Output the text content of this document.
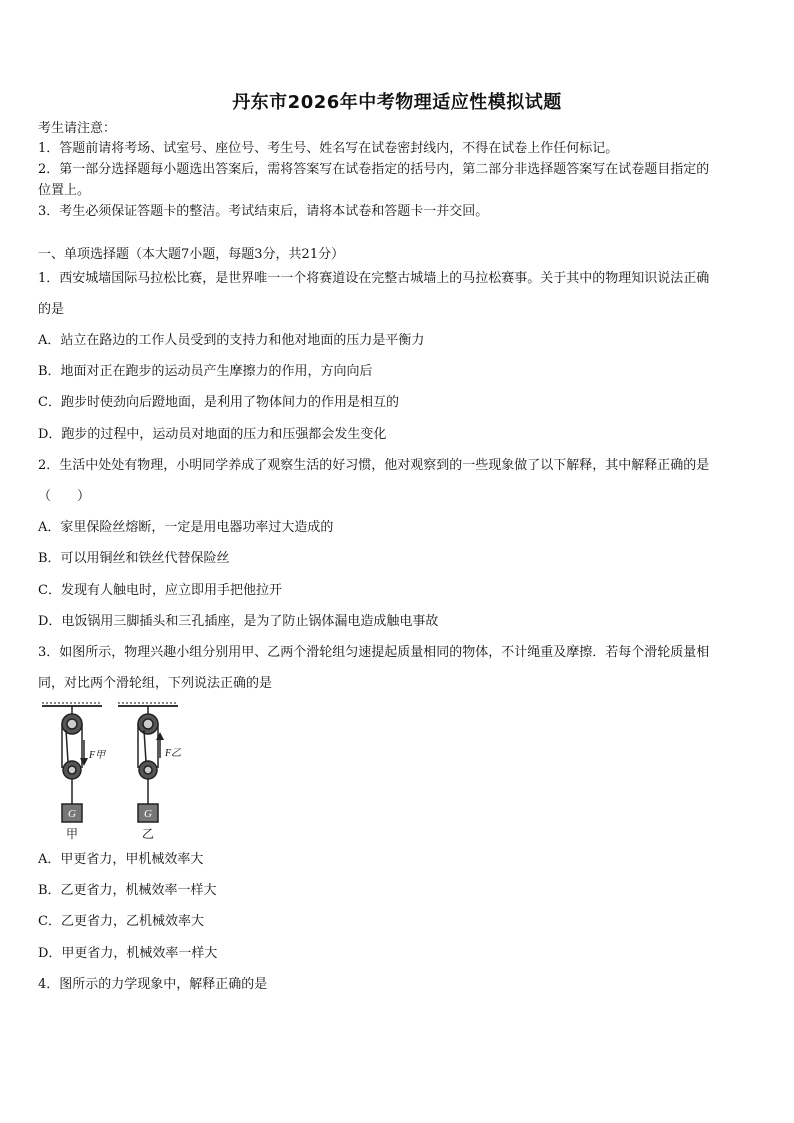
丹东市2026年中考物理适应性模拟试题
考生请注意：
1．答题前请将考场、试室号、座位号、考生号、姓名写在试卷密封线内，不得在试卷上作任何标记。
2．第一部分选择题每小题选出答案后，需将答案写在试卷指定的括号内，第二部分非选择题答案写在试卷题目指定的
位置上。
3．考生必须保证答题卡的整洁。考试结束后，请将本试卷和答题卡一并交回。
一、单项选择题（本大题7小题，每题3分，共21分）
1．西安城墙国际马拉松比赛，是世界唯一一个将赛道设在完整古城墙上的马拉松赛事。关于其中的物理知识说法正确
的是
A．站立在路边的工作人员受到的支持力和他对地面的压力是平衡力
B．地面对正在跑步的运动员产生摩擦力的作用，方向向后
C．跑步时使劲向后蹬地面，是利用了物体间力的作用是相互的
D．跑步的过程中，运动员对地面的压力和压强都会发生变化
2．生活中处处有物理，小明同学养成了观察生活的好习惯，他对观察到的一些现象做了以下解释，其中解释正确的是
（　　）
A．家里保险丝熔断，一定是用电器功率过大造成的
B．可以用铜丝和铁丝代替保险丝
C．发现有人触电时，应立即用手把他拉开
D．电饭锅用三脚插头和三孔插座，是为了防止锅体漏电造成触电事故
3．如图所示，物理兴趣小组分别用甲、乙两个滑轮组匀速提起质量相同的物体，不计绳重及摩擦．若每个滑轮质量相
同，对比两个滑轮组，下列说法正确的是
G	G
F甲	F乙
甲	乙
A．甲更省力，甲机械效率大
B．乙更省力，机械效率一样大
C．乙更省力，乙机械效率大
D．甲更省力，机械效率一样大
4．图所示的力学现象中，解释正确的是
